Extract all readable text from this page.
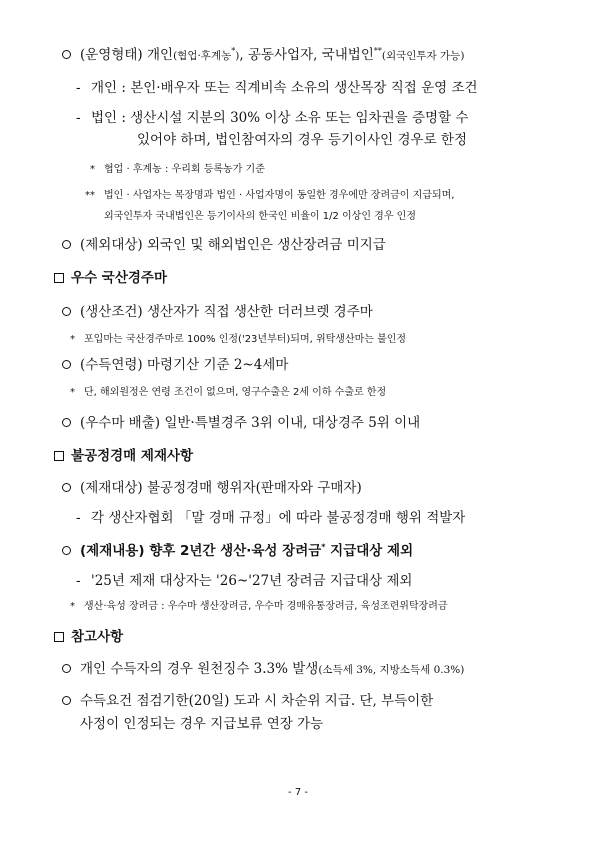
(운영형태) 개인(협업·후계농*), 공동사업자, 국내법인**(외국인투자 가능)
- 개인 : 본인·배우자 또는 직계비속 소유의 생산목장 직접 운영 조건
- 법인 : 생산시설 지분의 30% 이상 소유 또는 임차권을 증명할 수
있어야 하며, 법인참여자의 경우 등기이사인 경우로 한정
* 협업 · 후계농 : 우리회 등록농가 기준
** 법인 · 사업자는 목장명과 법인 · 사업자명이 동일한 경우에만 장려금이 지급되며,
외국인투자 국내법인은 등기이사의 한국인 비율이 1/2 이상인 경우 인정
(제외대상) 외국인 및 해외법인은 생산장려금 미지급
우수 국산경주마
(생산조건) 생산자가 직접 생산한 더러브렛 경주마
* 포입마는 국산경주마로 100% 인정('23년부터)되며, 위탁생산마는 불인정
(수득연령) 마령기산 기준 2~4세마
* 단, 해외원정은 연령 조건이 없으며, 영구수출은 2세 이하 수출로 한정
(우수마 배출) 일반·특별경주 3위 이내, 대상경주 5위 이내
불공정경매 제재사항
(제재대상) 불공정경매 행위자(판매자와 구매자)
- 각 생산자협회 「말 경매 규정」에 따라 불공정경매 행위 적발자
(제재내용) 향후 2년간 생산·육성 장려금* 지급대상 제외
- '25년 제재 대상자는 '26~'27년 장려금 지급대상 제외
* 생산·육성 장려금 : 우수마 생산장려금, 우수마 경매유통장려금, 육성조련위탁장려금
참고사항
개인 수득자의 경우 원천징수 3.3% 발생(소득세 3%, 지방소득세 0.3%)
수득요건 점검기한(20일) 도과 시 차순위 지급. 단, 부득이한
사정이 인정되는 경우 지급보류 연장 가능
- 7 -
